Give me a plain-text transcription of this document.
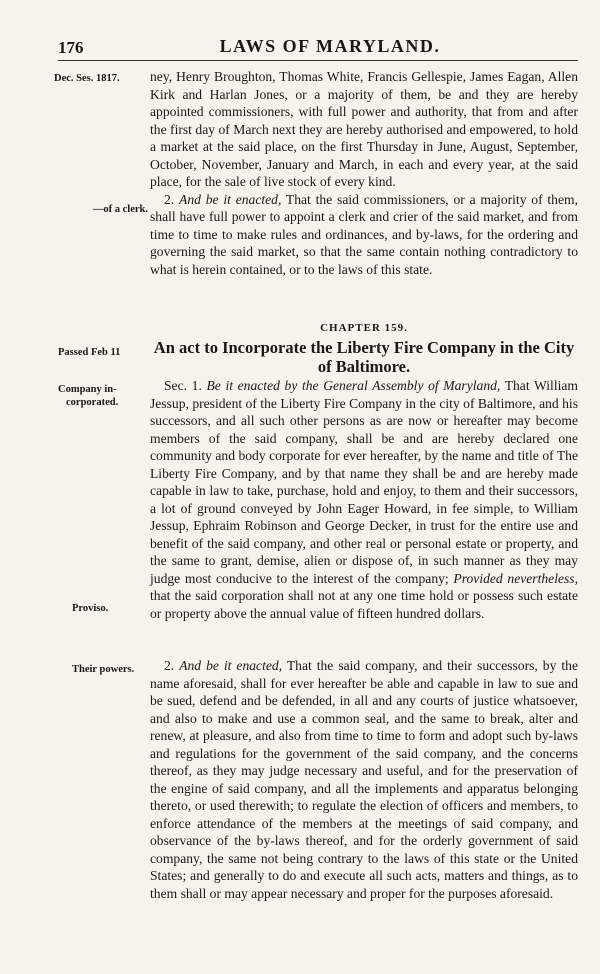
176	LAWS OF MARYLAND.
Dec. Ses. 1817.
—of a clerk.
Passed Feb 11
Company in-
corporated.
Proviso.
Their powers.

ney, Henry Broughton, Thomas White, Francis Gellespie, James Eagan, Allen Kirk and Harlan Jones, or a majority of them, be and they are hereby appointed commissioners, with full power and authority, that from and after the first day of March next they are hereby authorised and empowered, to hold a market at the said place, on the first Thursday in June, August, September, October, November, January and March, in each and every year, at the said place, for the sale of live stock of every kind.

2. And be it enacted, That the said commissioners, or a majority of them, shall have full power to appoint a clerk and crier of the said market, and from time to time to make rules and ordinances, and by-laws, for the ordering and governing the said market, so that the same contain nothing contradictory to what is herein contained, or to the laws of this state.

CHAPTER 159.
An act to Incorporate the Liberty Fire Company in the City of Baltimore.

Sec. 1. Be it enacted by the General Assembly of Maryland, That William Jessup, president of the Liberty Fire Company in the city of Baltimore, and his successors, and all such other persons as are now or hereafter may become members of the said company, shall be and are hereby declared one community and body corporate for ever hereafter, by the name and title of The Liberty Fire Company, and by that name they shall be and are hereby made capable in law to take, purchase, hold and enjoy, to them and their successors, a lot of ground conveyed by John Eager Howard, in fee simple, to William Jessup, Ephraim Robinson and George Decker, in trust for the entire use and benefit of the said company, and other real or personal estate or property, and the same to grant, demise, alien or dispose of, in such manner as they may judge most conducive to the interest of the company; Provided nevertheless, that the said corporation shall not at any one time hold or possess such estate or property above the annual value of fifteen hundred dollars.

2. And be it enacted, That the said company, and their successors, by the name aforesaid, shall for ever hereafter be able and capable in law to sue and be sued, defend and be defended, in all and any courts of justice whatsoever, and also to make and use a common seal, and the same to break, alter and renew, at pleasure, and also from time to time to form and adopt such by-laws and regulations for the government of the said company, and the concerns thereof, as they may judge necessary and useful, and for the preservation of the engine of said company, and all the implements and apparatus belonging thereto, or used therewith; to regulate the election of officers and members, to enforce attendance of the members at the meetings of said company, and observance of the by-laws thereof, and for the orderly government of said company, the same not being contrary to the laws of this state or the United States; and generally to do and execute all such acts, matters and things, as to them shall or may appear necessary and proper for the purposes aforesaid.
